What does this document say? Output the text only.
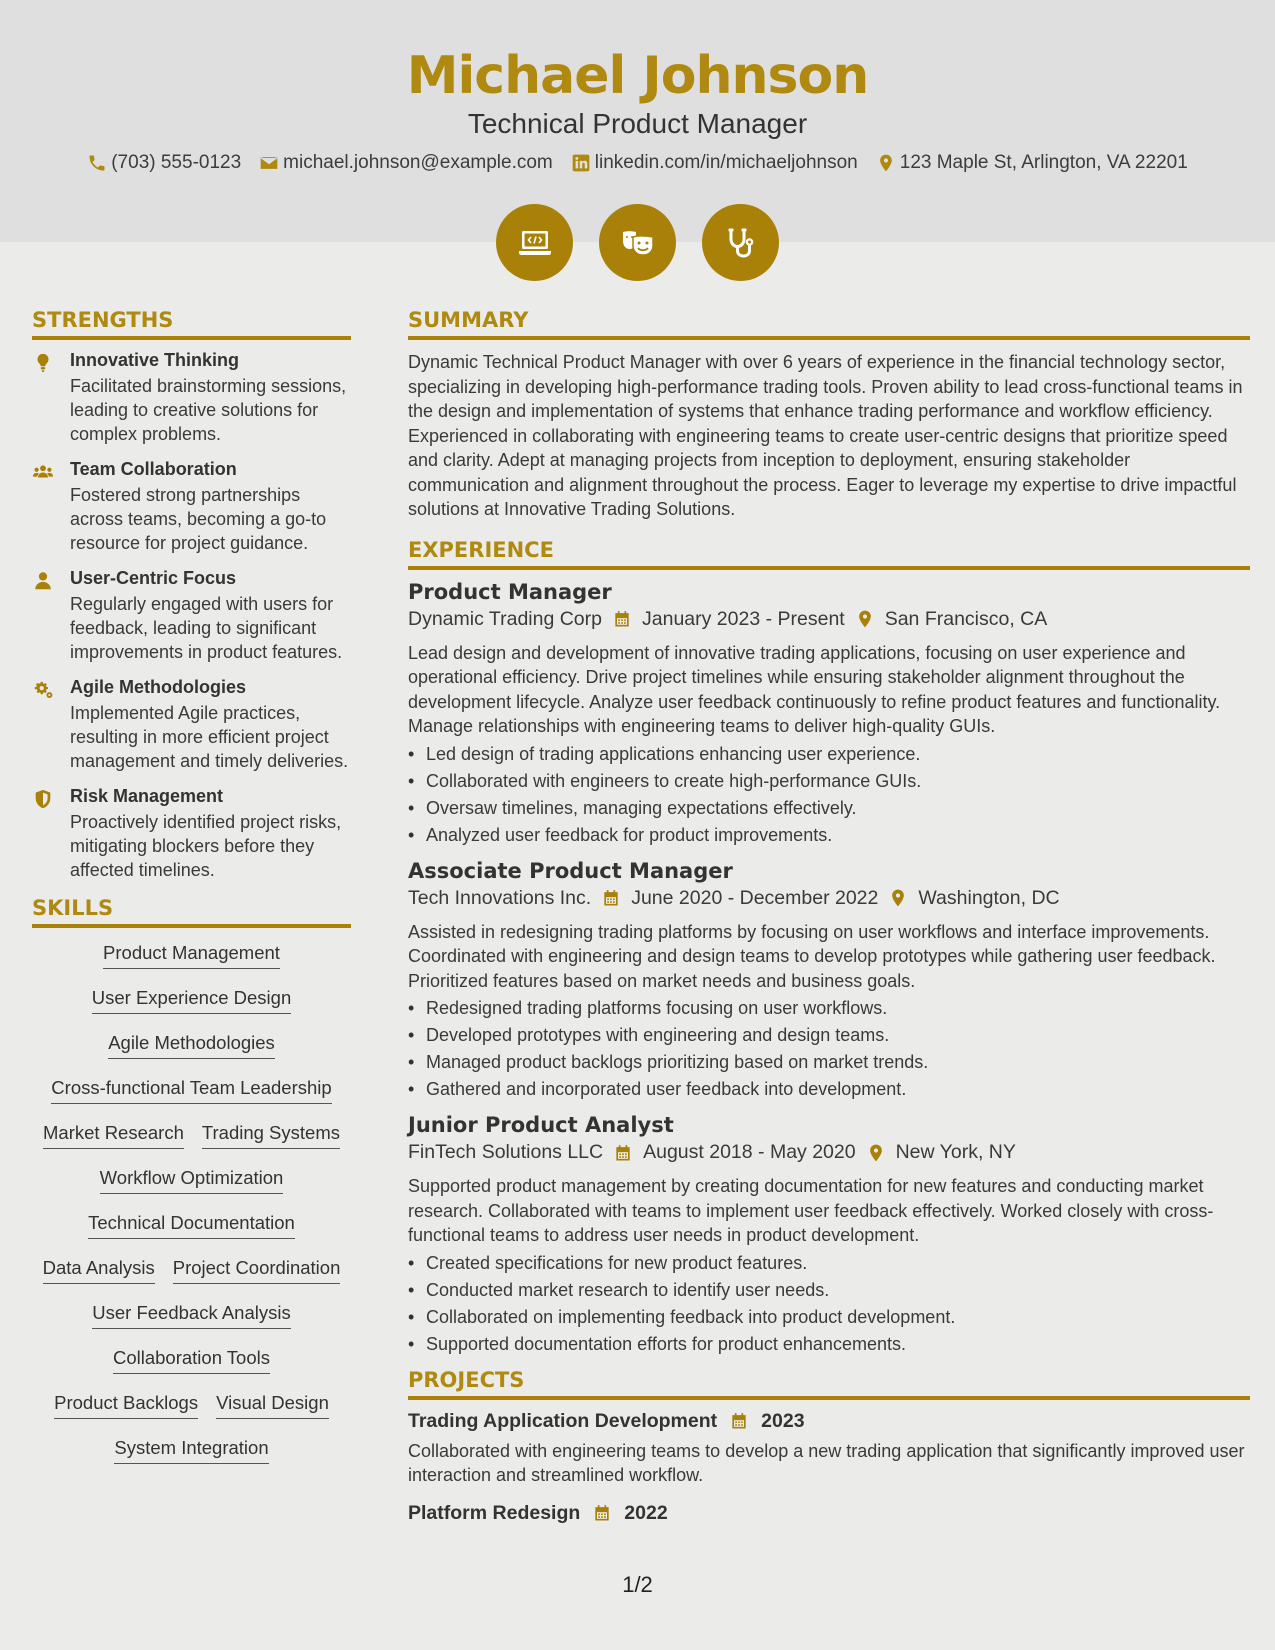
Michael Johnson
Technical Product Manager
(703) 555-0123 michael.johnson@example.com linkedin.com/in/michaeljohnson 123 Maple St, Arlington, VA 22201
STRENGTHS
Innovative Thinking
Facilitated brainstorming sessions, leading to creative solutions for complex problems.
Team Collaboration
Fostered strong partnerships across teams, becoming a go-to resource for project guidance.
User-Centric Focus
Regularly engaged with users for feedback, leading to significant improvements in product features.
Agile Methodologies
Implemented Agile practices, resulting in more efficient project management and timely deliveries.
Risk Management
Proactively identified project risks, mitigating blockers before they affected timelines.
SKILLS
Product Management
User Experience Design
Agile Methodologies
Cross-functional Team Leadership
Market Research Trading Systems
Workflow Optimization
Technical Documentation
Data Analysis Project Coordination
User Feedback Analysis
Collaboration Tools
Product Backlogs Visual Design
System Integration
SUMMARY
Dynamic Technical Product Manager with over 6 years of experience in the financial technology sector, specializing in developing high-performance trading tools. Proven ability to lead cross-functional teams in the design and implementation of systems that enhance trading performance and workflow efficiency. Experienced in collaborating with engineering teams to create user-centric designs that prioritize speed and clarity. Adept at managing projects from inception to deployment, ensuring stakeholder communication and alignment throughout the process. Eager to leverage my expertise to drive impactful solutions at Innovative Trading Solutions.
EXPERIENCE
Product Manager
Dynamic Trading Corp January 2023 - Present San Francisco, CA
Lead design and development of innovative trading applications, focusing on user experience and operational efficiency. Drive project timelines while ensuring stakeholder alignment throughout the development lifecycle. Analyze user feedback continuously to refine product features and functionality. Manage relationships with engineering teams to deliver high-quality GUIs.
• Led design of trading applications enhancing user experience.
• Collaborated with engineers to create high-performance GUIs.
• Oversaw timelines, managing expectations effectively.
• Analyzed user feedback for product improvements.
Associate Product Manager
Tech Innovations Inc. June 2020 - December 2022 Washington, DC
Assisted in redesigning trading platforms by focusing on user workflows and interface improvements. Coordinated with engineering and design teams to develop prototypes while gathering user feedback. Prioritized features based on market needs and business goals.
• Redesigned trading platforms focusing on user workflows.
• Developed prototypes with engineering and design teams.
• Managed product backlogs prioritizing based on market trends.
• Gathered and incorporated user feedback into development.
Junior Product Analyst
FinTech Solutions LLC August 2018 - May 2020 New York, NY
Supported product management by creating documentation for new features and conducting market research. Collaborated with teams to implement user feedback effectively. Worked closely with cross-functional teams to address user needs in product development.
• Created specifications for new product features.
• Conducted market research to identify user needs.
• Collaborated on implementing feedback into product development.
• Supported documentation efforts for product enhancements.
PROJECTS
Trading Application Development 2023
Collaborated with engineering teams to develop a new trading application that significantly improved user interaction and streamlined workflow.
Platform Redesign 2022
1/2
